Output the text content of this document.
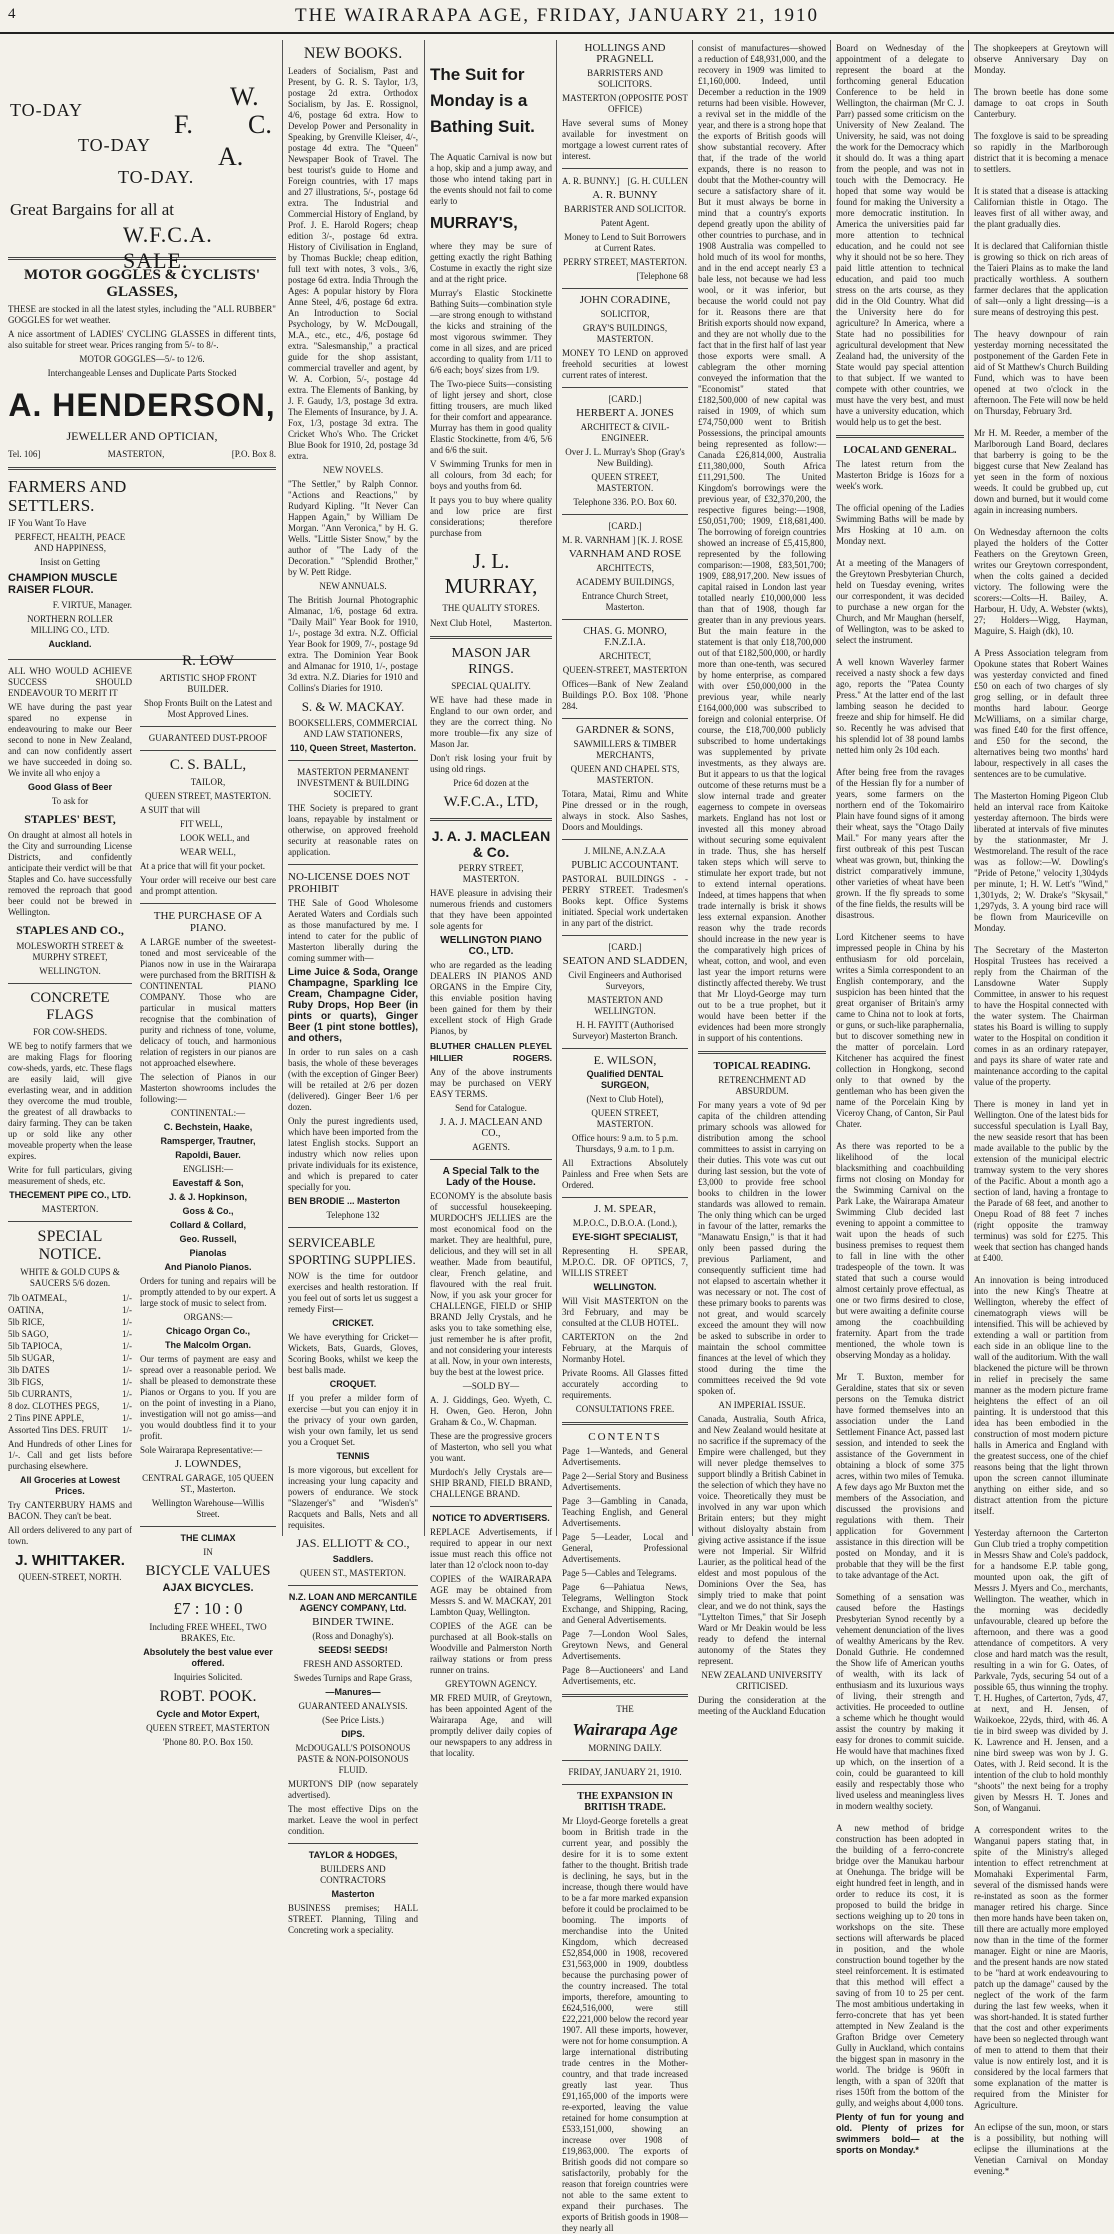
4	THE WAIRARAPA AGE, FRIDAY, JANUARY 21, 1910
TO-DAY
TO-DAY
TO-DAY.
W.
F. C.
A.
Great Bargains for all at
W.F.C.A. SALE.
MOTOR GOGGLES & CYCLISTS' GLASSES,

THESE are stocked in all the latest styles, including the "ALL RUBBER" GOGGLES for wet weather.

A nice assortment of LADIES' CYCLING GLASSES in different tints, also suitable for street wear. Prices ranging from 5/- to 8/-.

MOTOR GOGGLES—5/- to 12/6.

Interchangeable Lenses and Duplicate Parts Stocked

A. HENDERSON,
JEWELLER AND OPTICIAN,
Tel. 106]	MASTERTON,	[P.O. Box 8.
FARMERS AND SETTLERS.

IF You Want To Have

PERFECT, HEALTH, PEACE AND HAPPINESS,

Insist on Getting

CHAMPION MUSCLE RAISER FLOUR.

F. VIRTUE, Manager.

NORTHERN ROLLER MILLING CO., LTD.

Auckland.

ALL WHO WOULD ACHIEVE SUCCESS SHOULD ENDEAVOUR TO MERIT IT

WE have during the past year spared no expense in endeavouring to make our Beer second to none in New Zealand, and can now confidently assert we have succeeded in doing so. We invite all who enjoy a

Good Glass of Beer

To ask for

STAPLES' BEST,

On draught at almost all hotels in the City and surrounding License Districts, and confidently anticipate their verdict will be that Staples and Co. have successfully removed the reproach that good beer could not be brewed in Wellington.

STAPLES AND CO.,

MOLESWORTH STREET & MURPHY STREET,

WELLINGTON.

CONCRETE FLAGS

FOR COW-SHEDS.

WE beg to notify farmers that we are making Flags for flooring cow-sheds, yards, etc. These flags are easily laid, will give everlasting wear, and in addition they overcome the mud trouble, the greatest of all drawbacks to dairy farming. They can be taken up or sold like any other moveable property when the lease expires.

Write for full particulars, giving measurement of sheds, etc.

THECEMENT PIPE CO., LTD.

MASTERTON.

SPECIAL NOTICE.

WHITE & GOLD CUPS & SAUCERS 5/6 dozen.

7lb OATMEAL,	1/-
OATINA,	1/-
5lb RICE,	1/-
5lb SAGO,	1/-
5lb TAPIOCA,	1/-
5lb SUGAR,	1/-
3lb DATES	1/-
3lb FIGS,	1/-
5lb CURRANTS,	1/-
8 doz. CLOTHES PEGS,	1/-
2 Tins PINE APPLE,	1/-
Assorted Tins DES. FRUIT 1/-

And Hundreds of other Lines for 1/-. Call and get lists before purchasing elsewhere.

All Groceries at Lowest Prices.

Try CANTERBURY HAMS and BACON. They can't be beat.

All orders delivered to any part of town.

J. WHITTAKER.

QUEEN-STREET, NORTH.

R. LOW

ARTISTIC SHOP FRONT BUILDER.

Shop Fronts Built on the Latest and Most Approved Lines.

GUARANTEED DUST-PROOF

C. S. BALL,

TAILOR,

QUEEN STREET, MASTERTON.

A SUIT that will

FIT WELL,

LOOK WELL, and

WEAR WELL,

At a price that will fit your pocket.

Your order will receive our best care and prompt attention.

THE PURCHASE OF A PIANO.

A LARGE number of the sweetest-toned and most serviceable of the Pianos now in use in the Wairarapa were purchased from the BRITISH & CONTINENTAL PIANO COMPANY. Those who are particular in musical matters recognise that the combination of purity and richness of tone, volume, delicacy of touch, and harmonious relation of registers in our pianos are not approached elsewhere.

The selection of Pianos in our Masterton showrooms includes the following:—

CONTINENTAL:—

C. Bechstein, Haake,

Ramsperger, Trautner,

Rapoldi, Bauer.

ENGLISH:—

Eavestaff & Son,

J. & J. Hopkinson,

Goss & Co.,

Collard & Collard,

Geo. Russell,

Pianolas

And Pianolo Pianos.

Orders for tuning and repairs will be promptly attended to by our expert. A large stock of music to select from.

ORGANS:—

Chicago Organ Co.,

The Malcolm Organ.

Our terms of payment are easy and spread over a reasonable period. We shall be pleased to demonstrate these Pianos or Organs to you. If you are on the point of investing in a Piano, investigation will not go amiss—and you would doubtless find it to your profit.

Sole Wairarapa Representative:—

J. LOWNDES,

CENTRAL GARAGE, 105 QUEEN ST., Masterton.

Wellington Warehouse—Willis Street.

THE CLIMAX

IN

BICYCLE VALUES

AJAX BICYCLES.

£7 : 10 : 0

Including FREE WHEEL, TWO BRAKES, Etc.

Absolutely the best value ever offered.

Inquiries Solicited.

ROBT. POOK.

Cycle and Motor Expert,

QUEEN STREET, MASTERTON

'Phone 80. P.O. Box 150.

NEW BOOKS.

Leaders of Socialism, Past and Present, by G. R. S. Taylor, 1/3, postage 2d extra. Orthodox Socialism, by Jas. E. Rossignol, 4/6, postage 6d extra. How to Develop Power and Personality in Speaking, by Grenville Kleiser, 4/-, postage 4d extra. The "Queen" Newspaper Book of Travel. The best tourist's guide to Home and Foreign countries, with 17 maps and 27 illustrations, 5/-, postage 6d extra. The Industrial and Commercial History of England, by Prof. J. E. Harold Rogers; cheap edition 3/-, postage 6d extra. History of Civilisation in England, by Thomas Buckle; cheap edition, full text with notes, 3 vols., 3/6, postage 6d extra. India Through the Ages: A popular history by Flora Anne Steel, 4/6, postage 6d extra. An Introduction to Social Psychology, by W. McDougall, M.A., etc., etc., 4/6, postage 6d extra. "Salesmanship," a practical guide for the shop assistant, commercial traveller and agent, by W. A. Corbion, 5/-, postage 4d extra. The Elements of Banking, by J. F. Gaudy, 1/3, postage 3d extra. The Elements of Insurance, by J. A. Fox, 1/3, postage 3d extra. The Cricket Who's Who. The Cricket Blue Book for 1910, 2d, postage 3d extra.

NEW NOVELS.

"The Settler," by Ralph Connor. "Actions and Reactions," by Rudyard Kipling. "It Never Can Happen Again," by William De Morgan. "Ann Veronica," by H. G. Wells. "Little Sister Snow," by the author of "The Lady of the Decoration." "Splendid Brother," by W. Pett Ridge.

NEW ANNUALS.

The British Journal Photographic Almanac, 1/6, postage 6d extra. "Daily Mail" Year Book for 1910, 1/-, postage 3d extra. N.Z. Official Year Book for 1909, 7/-, postage 9d extra. The Dominion Year Book and Almanac for 1910, 1/-, postage 3d extra. N.Z. Diaries for 1910 and Collins's Diaries for 1910.

S. & W. MACKAY.

BOOKSELLERS, COMMERCIAL AND LAW STATIONERS,

110, Queen Street, Masterton.

MASTERTON PERMANENT INVESTMENT & BUILDING SOCIETY.

THE Society is prepared to grant loans, repayable by instalment or otherwise, on approved freehold security at reasonable rates on application.

NO-LICENSE DOES NOT PROHIBIT

THE Sale of Good Wholesome Aerated Waters and Cordials such as those manufactured by me. I intend to cater for the public of Masterton liberally during the coming summer with—

Lime Juice & Soda, Orange Champagne, Sparkling Ice Cream, Champagne Cider, Ruby Drops, Hop Beer (in pints or quarts), Ginger Beer (1 pint stone bottles), and others,

In order to run sales on a cash basis, the whole of these beverages (with the exception of Ginger Beer) will be retailed at 2/6 per dozen (delivered). Ginger Beer 1/6 per dozen.

Only the purest ingredients used, which have been imported from the latest English stocks. Support an industry which now relies upon private individuals for its existence, and which is prepared to cater specially for you.

BEN BRODIE ... Masterton

Telephone 132

SERVICEABLE SPORTING SUPPLIES.

NOW is the time for outdoor exercises and health restoration. If you feel out of sorts let us suggest a remedy First—

CRICKET.

We have everything for Cricket—Wickets, Bats, Guards, Gloves, Scoring Books, whilst we keep the best balls made.

CROQUET.

If you prefer a milder form of exercise —but you can enjoy it in the privacy of your own garden, wish your own family, let us send you a Croquet Set.

TENNIS

Is more vigorous, but excellent for increasing your lung capacity and powers of endurance. We stock "Slazenger's" and "Wisden's" Racquets and Balls, Nets and all requisites.

JAS. ELLIOTT & CO.,

Saddlers.

QUEEN ST., MASTERTON.

N.Z. LOAN AND MERCANTILE AGENCY COMPANY, Ltd.

BINDER TWINE.

(Ross and Donaghy's).

SEEDS! SEEDS!

FRESH AND ASSORTED.

Swedes Turnips and Rape Grass,

—Manures—

GUARANTEED ANALYSIS.

(See Price Lists.)

DIPS.

McDOUGALL'S POISONOUS PASTE & NON-POISONOUS FLUID.

MURTON'S DIP (now separately advertised).

The most effective Dips on the market. Leave the wool in perfect condition.

TAYLOR & HODGES,

BUILDERS AND CONTRACTORS

Masterton

BUSINESS premises; HALL STREET. Planning, Tiling and Concreting work a speciality.

The Suit for Monday is a Bathing Suit.

The Aquatic Carnival is now but a hop, skip and a jump away, and those who intend taking part in the events should not fail to come early to

MURRAY'S,

where they may be sure of getting exactly the right Bathing Costume in exactly the right size and at the right price.

Murray's Elastic Stockinette Bathing Suits—combination style—are strong enough to withstand the kicks and straining of the most vigorous swimmer. They come in all sizes, and are priced according to quality from 1/11 to 6/6 each; boys' sizes from 1/9.

The Two-piece Suits—consisting of light jersey and short, close fitting trousers, are much liked for their comfort and appearance. Murray has them in good quality Elastic Stockinette, from 4/6, 5/6 and 6/6 the suit.

V Swimming Trunks for men in all colours, from 3d each; for boys and youths from 6d.

It pays you to buy where quality and low price are first considerations; therefore purchase from

J. L. MURRAY,

THE QUALITY STORES.

Next Club Hotel, Masterton.
MASON JAR RINGS.

SPECIAL QUALITY.

WE have had these made in England to our own order, and they are the correct thing. No more trouble—fix any size of Mason Jar.

Don't risk losing your fruit by using old rings.

Price 6d dozen at the

W.F.C.A., LTD,
J. A. J. MACLEAN & Co.

PERRY STREET, MASTERTON.

HAVE pleasure in advising their numerous friends and customers that they have been appointed sole agents for

WELLINGTON PIANO CO., LTD.

who are regarded as the leading DEALERS IN PIANOS AND ORGANS in the Empire City, this enviable position having been gained for them by their excellent stock of High Grade Pianos, by

BLUTHER CHALLEN PLEYEL
HILLIER	ROGERS.

Any of the above instruments may be purchased on VERY EASY TERMS.

Send for Catalogue.

J. A. J. MACLEAN AND CO.,

AGENTS.

A Special Talk to the Lady of the House.

ECONOMY is the absolute basis of successful housekeeping. MURDOCH'S JELLIES are the most economical food on the market. They are healthful, pure, delicious, and they will set in all weather. Made from beautiful, clear, French gelatine, and flavoured with the real fruit. Now, if you ask your grocer for CHALLENGE, FIELD or SHIP BRAND Jelly Crystals, and he asks you to take something else, just remember he is after profit, and not considering your interests at all. Now, in your own interests, buy the best at the lowest price.

—SOLD BY—

A. J. Giddings, Geo. Wyeth, C. H. Owen, Geo. Heron, John Graham & Co., W. Chapman.

These are the progressive grocers of Masterton, who sell you what you want.

Murdoch's Jelly Crystals are—SHIP BRAND, FIELD BRAND, CHALLENGE BRAND.

NOTICE TO ADVERTISERS.

REPLACE Advertisements, if required to appear in our next issue must reach this office not later than 12 o'clock noon to-day

COPIES of the WAIRARAPA AGE may be obtained from Messrs S. and W. MACKAY, 201 Lambton Quay, Wellington.

COPIES of the AGE can be purchased at all Book-stalls on Woodville and Palmerston North railway stations or from press runner on trains.

GREYTOWN AGENCY.

MR FRED MUIR, of Greytown, has been appointed Agent of the Wairarapa Age, and will promptly deliver daily copies of our newspapers to any address in that locality.

HOLLINGS AND PRAGNELL

BARRISTERS AND SOLICITORS.

MASTERTON (OPPOSITE POST OFFICE)

Have several sums of Money available for investment on mortgage a lowest current rates of interest.

A. R. BUNNY.] [G. H. CULLEN

A. R. BUNNY

BARRISTER AND SOLICITOR.

Patent Agent.

Money to Lend to Suit Borrowers at Current Rates.

PERRY STREET, MASTERTON.

[Telephone 68

JOHN CORADINE,

SOLICITOR,

GRAY'S BUILDINGS, MASTERTON.

MONEY TO LEND on approved freehold securities at lowest current rates of interest.

[CARD.]

HERBERT A. JONES

ARCHITECT & CIVIL-ENGINEER.

Over J. L. Murray's Shop (Gray's New Building).

QUEEN STREET, MASTERTON.

Telephone 336. P.O. Box 60.

[CARD.]

M. R. VARNHAM ] [K. J. ROSE

VARNHAM AND ROSE

ARCHITECTS,

ACADEMY BUILDINGS,

Entrance Church Street, Masterton.

CHAS. G. MONRO, F.N.Z.I.A.

ARCHITECT,

QUEEN-STREET, MASTERTON

Offices—Bank of New Zealand Buildings P.O. Box 108. 'Phone 284.

GARDNER & SONS,

SAWMILLERS & TIMBER MERCHANTS,

QUEEN AND CHAPEL STS, MASTERTON.

Totara, Matai, Rimu and White Pine dressed or in the rough, always in stock. Also Sashes, Doors and Mouldings.

J. MILNE, A.N.Z.A.A

PUBLIC ACCOUNTANT.

PASTORAL BUILDINGS - - PERRY STREET. Tradesmen's Books kept. Office Systems initiated. Special work undertaken in any part of the district.

[CARD.]

SEATON AND SLADDEN,

Civil Engineers and Authorised Surveyors,

MASTERTON AND WELLINGTON.

H. H. FAYITT (Authorised Surveyor) Masterton Branch.

E. WILSON,

Qualified DENTAL SURGEON,

(Next to Club Hotel),

QUEEN STREET, MASTERTON.

Office hours: 9 a.m. to 5 p.m. Thursdays, 9 a.m. to 1 p.m.

All Extractions Absolutely Painless and Free when Sets are Ordered.

J. M. SPEAR,

M.P.O.C., D.B.O.A. (Lond.),

EYE-SIGHT SPECIALIST,

Representing H. SPEAR, M.P.O.C. DR. OF OPTICS, 7, WILLIS STREET

WELLINGTON.

Will Visit MASTERTON on the 3rd February, and may be consulted at the CLUB HOTEL.

CARTERTON on the 2nd February, at the Marquis of Normanby Hotel.

Private Rooms. All Glasses fitted accurately according to requirements.

CONSULTATIONS FREE.

CONTENTS

Page 1—Wanteds, and General Advertisements.

Page 2—Serial Story and Business Advertisements.

Page 3—Gambling in Canada, Teaching English, and General Advertisements.

Page 5—Leader, Local and General, Professional Advertisements.

Page 5—Cables and Telegrams.

Page 6—Pahiatua News, Telegrams, Wellington Stock Exchange, and Shipping, Racing, and General Advertisements.

Page 7—London Wool Sales, Greytown News, and General Advertisements.

Page 8—Auctioneers' and Land Advertisements, etc.

THE

Wairarapa Age

MORNING DAILY.

FRIDAY, JANUARY 21, 1910.

THE EXPANSION IN BRITISH TRADE.

Mr Lloyd-George foretells a great boom in British trade in the current year, and possibly the desire for it is to some extent father to the thought. British trade is declining, he says, but in the increase, though there would have to be a far more marked expansion before it could be proclaimed to be booming. The imports of merchandise into the United Kingdom, which decreased £52,854,000 in 1908, recovered £31,563,000 in 1909, doubtless because the purchasing power of the country increased. The total imports, therefore, amounting to £624,516,000, were still £22,221,000 below the record year 1907. All these imports, however, were not for home consumption. A large international distributing trade centres in the Mother-country, and that trade increased greatly last year. Thus £91,165,000 of the imports were re-exported, leaving the value retained for home consumption at £533,151,000, showing an increase over 1908 of £19,863,000. The exports of British goods did not compare so satisfactorily, probably for the reason that foreign countries were not able to the same extent to expand their purchases. The exports of British goods in 1908—they nearly all

consist of manufactures—showed a reduction of £48,931,000, and the recovery in 1909 was limited to £1,160,000. Indeed, until December a reduction in the 1909 returns had been visible. However, a revival set in the middle of the year, and there is a strong hope that the exports of British goods will show substantial recovery. After that, if the trade of the world expands, there is no reason to doubt that the Mother-country will secure a satisfactory share of it. But it must always be borne in mind that a country's exports depend greatly upon the ability of other countries to purchase, and in 1908 Australia was compelled to hold much of its wool for months, and in the end accept nearly £3 a bale less, not because we had less wool, or it was inferior, but because the world could not pay for it. Reasons there are that British exports should now expand, and they are not wholly due to the fact that in the first half of last year those exports were small. A cablegram the other morning conveyed the information that the "Economist" stated that £182,500,000 of new capital was raised in 1909, of which sum £74,750,000 went to British Possessions, the principal amounts being represented as follow:—Canada £26,814,000, Australia £11,380,000, South Africa £11,291,500. The United Kingdom's borrowings were the previous year, of £32,370,200, the respective figures being:—1908, £50,051,700; 1909, £18,681,400. The borrowing of foreign countries showed an increase of £5,415,800, represented by the following comparison:—1908, £83,501,700; 1909, £88,917,200. New issues of capital raised in London last year totalled nearly £10,000,000 less than that of 1908, though far greater than in any previous years. But the main feature in the statement is that only £18,700,000 out of that £182,500,000, or hardly more than one-tenth, was secured by home enterprise, as compared with over £50,000,000 in the previous year, while nearly £164,000,000 was subscribed to foreign and colonial enterprise. Of course, the £18,700,000 publicly subscribed to home undertakings was supplemented by private investments, as they always are. But it appears to us that the logical outcome of these returns must be a slow internal trade and greater eagerness to compete in overseas markets. England has not lost or invested all this money abroad without securing some equivalent in trade. Thus, she has herself taken steps which will serve to stimulate her export trade, but not to extend internal operations. Indeed, at times happens that when trade internally is brisk it shows less external expansion. Another reason why the trade records should increase in the new year is the comparatively high prices of wheat, cotton, and wool, and even last year the import returns were distinctly affected thereby. We trust that Mr Lloyd-George may turn out to be a true prophet, but it would have been better if the evidences had been more strongly in support of his contentions.

TOPICAL READING.

RETRENCHMENT AD ABSURDUM.

For many years a vote of 9d per capita of the children attending primary schools was allowed for distribution among the school committees to assist in carrying on their duties. This vote was cut out during last session, but the vote of £3,000 to provide free school books to children in the lower standards was allowed to remain. The only thing which can be urged in favour of the latter, remarks the "Manawatu Ensign," is that it had only been passed during the previous Parliament, and consequently sufficient time had not elapsed to ascertain whether it was necessary or not. The cost of these primary books to parents was not great, and would scarcely exceed the amount they will now be asked to subscribe in order to maintain the school committee finances at the level of which they stood during the time the committees received the 9d vote spoken of.

AN IMPERIAL ISSUE.

Canada, Australia, South Africa, and New Zealand would hesitate at no sacrifice if the supremacy of the Empire were challenged, but they will never pledge themselves to support blindly a British Cabinet in the selection of which they have no voice. Theoretically they must be involved in any war upon which Britain enters; but they might without disloyalty abstain from giving active assistance if the issue were not Imperial. Sir Wilfrid Laurier, as the political head of the eldest and most populous of the Dominions Over the Sea, has simply tried to make that point clear, and we do not think, says the "Lyttelton Times," that Sir Joseph Ward or Mr Deakin would be less ready to defend the internal autonomy of the States they represent.

NEW ZEALAND UNIVERSITY CRITICISED.

During the consideration at the meeting of the Auckland Education

Board on Wednesday of the appointment of a delegate to represent the board at the forthcoming general Education Conference to be held in Wellington, the chairman (Mr C. J. Parr) passed some criticism on the University of New Zealand. The University, he said, was not doing the work for the Democracy which it should do. It was a thing apart from the people, and was not in touch with the Democracy. He hoped that some way would be found for making the University a more democratic institution. In America the universities paid far more attention to technical education, and he could not see why it should not be so here. They paid little attention to technical education, and paid too much stress on the arts course, as they did in the Old Country. What did the University here do for agriculture? In America, where a State had no possibilities for agricultural development that New Zealand had, the university of the State would pay special attention to that subject. If we wanted to compete with other countries, we must have the very best, and must have a university education, which would help us to get the best.

LOCAL AND GENERAL.

The latest return from the Masterton Bridge is 16ozs for a week's work.

The official opening of the Ladies Swimming Baths will be made by Mrs Hosking at 10 a.m. on Monday next.

At a meeting of the Managers of the Greytown Presbyterian Church, held on Tuesday evening, writes our correspondent, it was decided to purchase a new organ for the Church, and Mr Maughan (herself, of Wellington, was to be asked to select the instrument.

A well known Waverley farmer received a nasty shock a few days ago, reports the "Patea County Press." At the latter end of the last lambing season he decided to freeze and ship for himself. He did so. Recently he was advised that his splendid lot of 38 pound lambs netted him only 2s 10d each.

After being free from the ravages of the Hessian fly for a number of years, some farmers on the northern end of the Tokomairiro Plain have found signs of it among their wheat, says the "Otago Daily Mail." For many years after the first outbreak of this pest Tuscan wheat was grown, but, thinking the district comparatively immune, other varieties of wheat have been grown. If the fly spreads to some of the fine fields, the results will be disastrous.

Lord Kitchener seems to have impressed people in China by his enthusiasm for old porcelain, writes a Simla correspondent to an English contemporary, and the suspicion has been hinted that the great organiser of Britain's army came to China not to look at forts, or guns, or such-like paraphernalia, but to discover something new in the matter of porcelain. Lord Kitchener has acquired the finest collection in Hongkong, second only to that owned by the gentleman who has been given the name of the Porcelain King by Viceroy Chang, of Canton, Sir Paul Chater.

As there was reported to be a likelihood of the local blacksmithing and coachbuilding firms not closing on Monday for the Swimming Carnival on the Park Lake, the Wairarapa Amateur Swimming Club decided last evening to appoint a committee to wait upon the heads of such business premises to request them to fall in line with the other tradespeople of the town. It was stated that such a course would almost certainly prove effectual, as one or two firms desired to close, but were awaiting a definite course among the coachbuilding fraternity. Apart from the trade mentioned, the whole town is observing Monday as a holiday.

Mr T. Buxton, member for Geraldine, states that six or seven persons on the Temuka district have formed themselves into an association under the Land Settlement Finance Act, passed last session, and intended to seek the assistance of the Government in obtaining a block of some 375 acres, within two miles of Temuka. A few days ago Mr Buxton met the members of the Association, and discussed the provisions and regulations with them. Their application for Government assistance in this direction will be posted on Monday, and it is probable that they will be the first to take advantage of the Act.

Something of a sensation was caused before the Hastings Presbyterian Synod recently by a vehement denunciation of the lives of wealthy Americans by the Rev. Donald Guthrie. He condemned the Show life of American youths of wealth, with its lack of enthusiasm and its luxurious ways of living, their strength and activities. He proceeded to outline a scheme which he thought would assist the country by making it easy for drones to commit suicide. He would have that machines fixed up which, on the insertion of a coin, could be guaranteed to kill easily and respectably those who lived useless and meaningless lives in modern wealthy society.

A new method of bridge construction has been adopted in the building of a ferro-concrete bridge over the Manukau harbour at Onehunga. The bridge will be eight hundred feet in length, and in order to reduce its cost, it is proposed to build the bridge in sections weighing up to 20 tons in workshops on the site. These sections will afterwards be placed in position, and the whole construction bound together by the steel reinforcement. It is estimated that this method will effect a saving of from 10 to 25 per cent. The most ambitious undertaking in ferro-concrete that has yet been attempted in New Zealand is the Grafton Bridge over Cemetery Gully in Auckland, which contains the biggest span in masonry in the world. The bridge is 960ft in length, with a span of 320ft that rises 150ft from the bottom of the gully, and weighs about 4,000 tons.

Plenty of fun for young and old. Plenty of prizes for swimmers bold— at the sports on Monday.*

The shopkeepers at Greytown will observe Anniversary Day on Monday.

The brown beetle has done some damage to oat crops in South Canterbury.

The foxglove is said to be spreading so rapidly in the Marlborough district that it is becoming a menace to settlers.

It is stated that a disease is attacking Californian thistle in Otago. The leaves first of all wither away, and the plant gradually dies.

It is declared that Californian thistle is growing so thick on rich areas of the Taieri Plains as to make the land practically worthless. A southern farmer declares that the application of salt—only a light dressing—is a sure means of destroying this pest.

The heavy downpour of rain yesterday morning necessitated the postponement of the Garden Fete in aid of St Matthew's Church Building Fund, which was to have been opened at two o'clock in the afternoon. The Fete will now be held on Thursday, February 3rd.

Mr H. M. Reeder, a member of the Marlborough Land Board, declares that barberry is going to be the biggest curse that New Zealand has yet seen in the form of noxious weeds. It could be grubbed up, cut down and burned, but it would come again in increasing numbers.

On Wednesday afternoon the colts played the holders of the Cotter Feathers on the Greytown Green, writes our Greytown correspondent, when the colts gained a decided victory. The following were the scorers:—Colts—H. Bailey, A. Harbour, H. Udy, A. Webster (wkts), 27; Holders—Wigg, Hayman, Maguire, S. Haigh (dk), 10.

A Press Association telegram from Opokune states that Robert Waines was yesterday convicted and fined £50 on each of two charges of sly grog selling, or in default three months hard labour. George McWilliams, on a similar charge, was fined £40 for the first offence, and £50 for the second, the alternatives being two months' hard labour, respectively in all cases the sentences are to be cumulative.

The Masterton Homing Pigeon Club held an interval race from Kaitoke yesterday afternoon. The birds were liberated at intervals of five minutes by the stationmaster, Mr J. Westmoreland. The result of the race was as follow:—W. Dowling's "Pride of Petone," velocity 1,304yds per minute, 1; H. W. Lett's "Wind," 1,301yds, 2; W. Drake's "Skysail," 1,297yds, 3. A young bird race will be flown from Mauriceville on Monday.

The Secretary of the Masterton Hospital Trustees has received a reply from the Chairman of the Lansdowne Water Supply Committee, in answer to his request to have the Hospital connected with the water system. The Chairman states his Board is willing to supply water to the Hospital on condition it comes in as an ordinary ratepayer, and pays its share of water rate and maintenance according to the capital value of the property.

There is money in land yet in Wellington. One of the latest bids for successful speculation is Lyall Bay, the new seaside resort that has been made available to the public by the extension of the municipal electric tramway system to the very shores of the Pacific. About a month ago a section of land, having a frontage to the Parade of 68 feet, and another to Onepu Road of 88 feet 7 inches (right opposite the tramway terminus) was sold for £275. This week that section has changed hands at £400.

An innovation is being introduced into the new King's Theatre at Wellington, whereby the effect of cinematograph views will be intensified. This will be achieved by extending a wall or partition from each side in an oblique line to the wall of the auditorium. With the wall blackened the picture will be thrown in relief in precisely the same manner as the modern picture frame heightens the effect of an oil painting. It is understood that this idea has been embodied in the construction of most modern picture halls in America and England with the greatest success, one of the chief reasons being that the light thrown upon the screen cannot illuminate anything on either side, and so distract attention from the picture itself.

Yesterday afternoon the Carterton Gun Club tried a trophy competition in Messrs Shaw and Cole's paddock, for a handsome E.P. table gong, mounted upon oak, the gift of Messrs J. Myers and Co., merchants, Wellington. The weather, which in the morning was decidedly unfavourable, cleared up before the afternoon, and there was a good attendance of competitors. A very close and hard match was the result, resulting in a win for G. Oates, of Parkvale, 7yds, securing 54 out of a possible 65, thus winning the trophy. T. H. Hughes, of Carterton, 7yds, 47, at next, and H. Jensen, of Waikoekoe, 22yds, third, with 46. A tie in bird sweep was divided by J. K. Lawrence and H. Jensen, and a nine bird sweep was won by J. G. Oates, with J. Reid second. It is the intention of the club to hold monthly "shoots" the next being for a trophy given by Messrs H. T. Jones and Son, of Wanganui.

A correspondent writes to the Wanganui papers stating that, in spite of the Ministry's alleged intention to effect retrenchment at Momahaki Experimental Farm, several of the dismissed hands were re-instated as soon as the former manager retired his charge. Since then more hands have been taken on, till there are actually more employed now than in the time of the former manager. Eight or nine are Maoris, and the present hands are now stated to be "hard at work endeavouring to patch up the damage" caused by the neglect of the work of the farm during the last few weeks, when it was short-handed. It is stated further that the cost and other experiments have been so neglected through want of men to attend to them that their value is now entirely lost, and it is considered by the local farmers that some explanation of the matter is required from the Minister for Agriculture.

An eclipse of the sun, moon, or stars is a possibility, but nothing will eclipse the illuminations at the Venetian Carnival on Monday evening.*
